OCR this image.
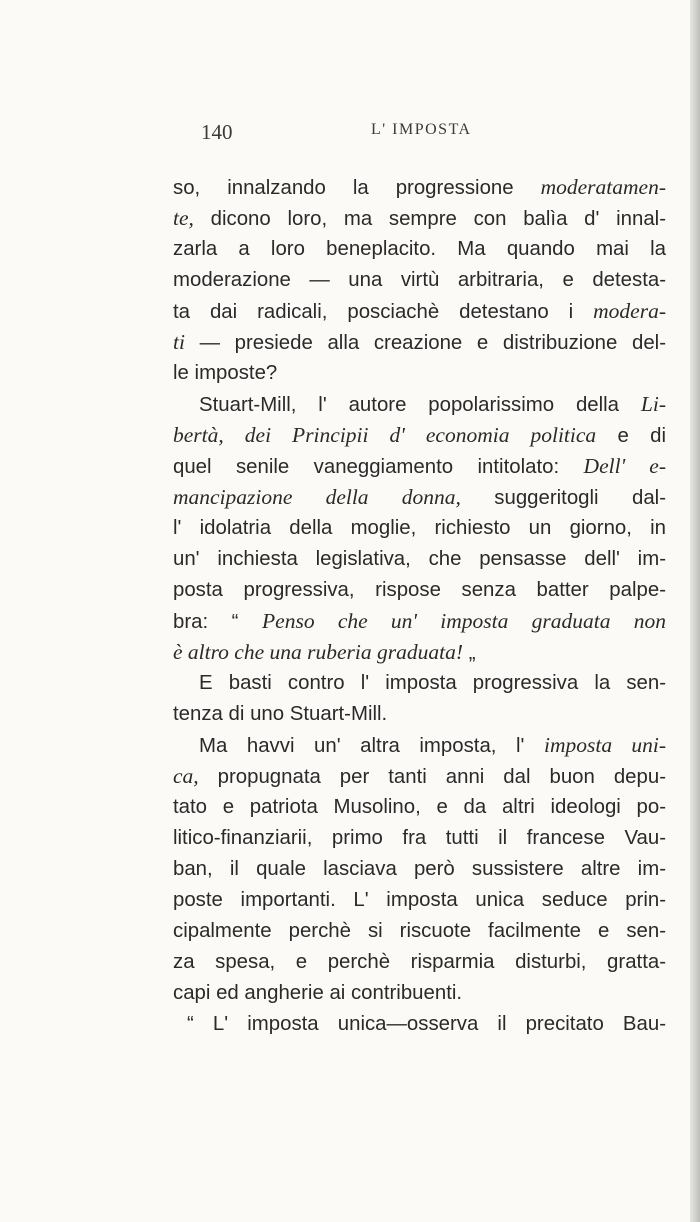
140	L' IMPOSTA
so, innalzando la progressione moderatamen-
te, dicono loro, ma sempre con balìa d' innal-
zarla a loro beneplacito. Ma quando mai la
moderazione — una virtù arbitraria, e detesta-
ta dai radicali, posciachè detestano i modera-
ti — presiede alla creazione e distribuzione del-
le imposte?
Stuart-Mill, l' autore popolarissimo della Li-
bertà, dei Principii d' economia politica e di
quel senile vaneggiamento intitolato: Dell' e-
mancipazione della donna, suggeritogli dal-
l' idolatria della moglie, richiesto un giorno, in
un' inchiesta legislativa, che pensasse dell' im-
posta progressiva, rispose senza batter palpe-
bra: “ Penso che un' imposta graduata non
è altro che una ruberia graduata! „
E basti contro l' imposta progressiva la sen-
tenza di uno Stuart-Mill.
Ma havvi un' altra imposta, l' imposta uni-
ca, propugnata per tanti anni dal buon depu-
tato e patriota Musolino, e da altri ideologi po-
litico-finanziarii, primo fra tutti il francese Vau-
ban, il quale lasciava però sussistere altre im-
poste importanti. L' imposta unica seduce prin-
cipalmente perchè si riscuote facilmente e sen-
za spesa, e perchè risparmia disturbi, gratta-
capi ed angherie ai contribuenti.
“ L' imposta unica—osserva il precitato Bau-
